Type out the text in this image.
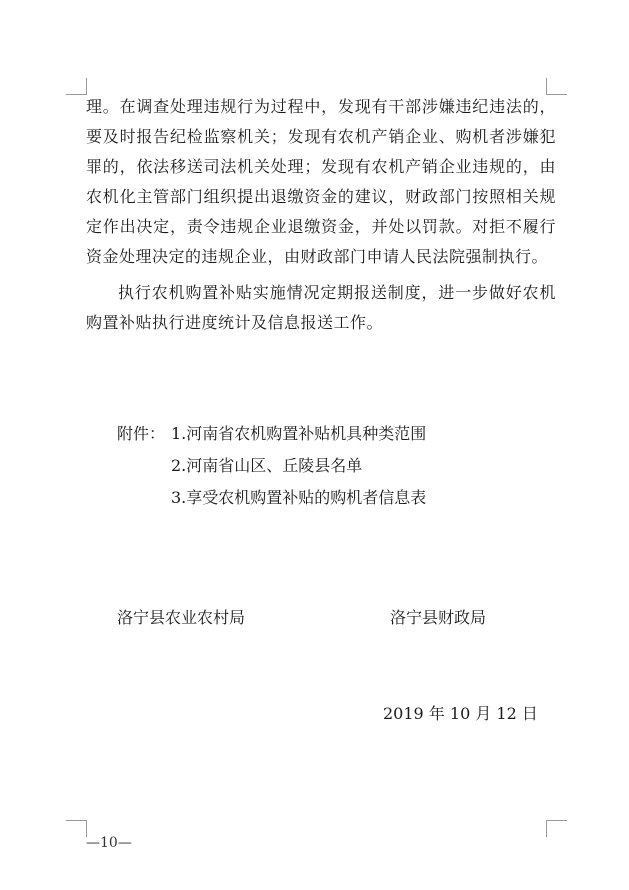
理。在调查处理违规行为过程中，发现有干部涉嫌违纪违法的，要及时报告纪检监察机关；发现有农机产销企业、购机者涉嫌犯罪的，依法移送司法机关处理；发现有农机产销企业违规的，由农机化主管部门组织提出退缴资金的建议，财政部门按照相关规定作出决定，责令违规企业退缴资金，并处以罚款。对拒不履行资金处理决定的违规企业，由财政部门申请人民法院强制执行。

执行农机购置补贴实施情况定期报送制度，进一步做好农机购置补贴执行进度统计及信息报送工作。

附件： 1.河南省农机购置补贴机具种类范围
2.河南省山区、丘陵县名单
3.享受农机购置补贴的购机者信息表
洛宁县农业农村局	洛宁县财政局
2019 年 10 月 12 日
—10—
